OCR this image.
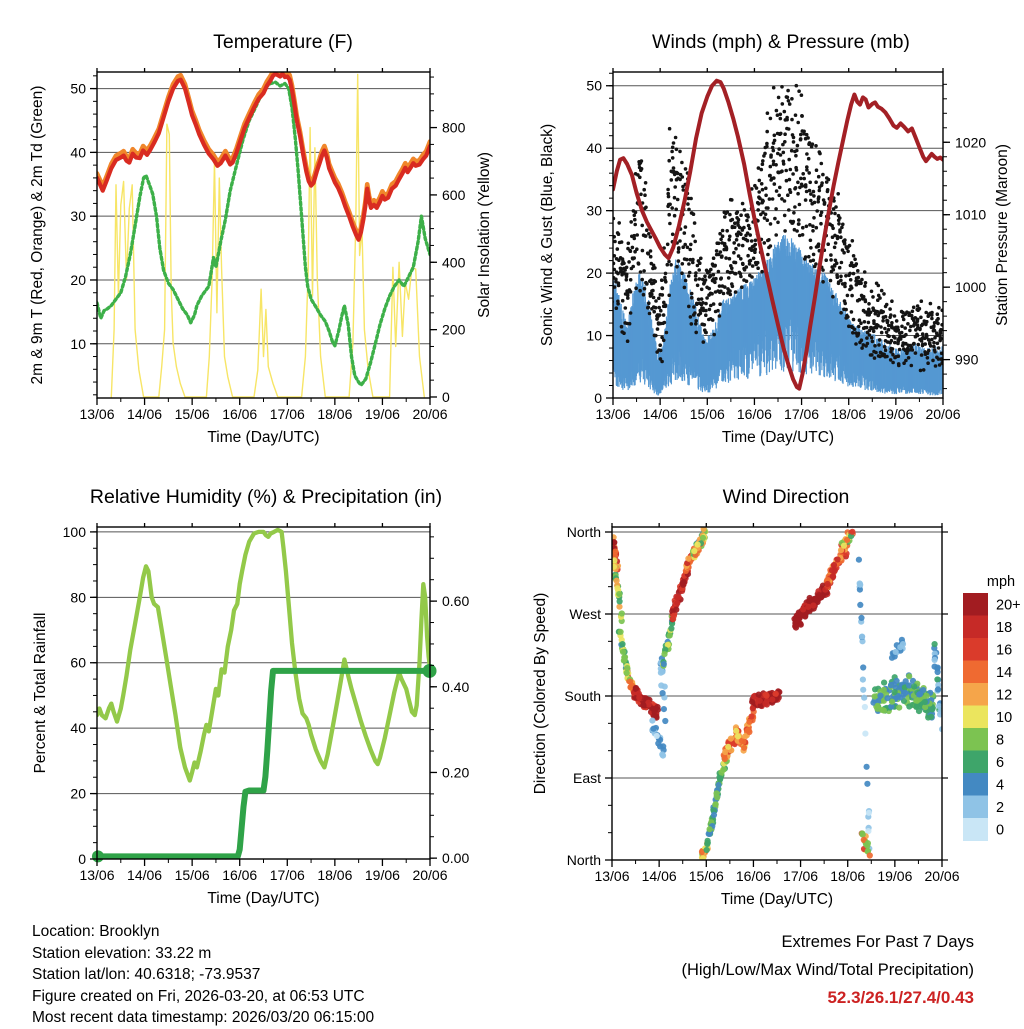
13/06 14/06 15/06 16/06 17/06 18/06 19/06 20/06
10
20
30
40
50
0
200
400
600
800
Temperature (F)
Time (Day/UTC)
2m & 9m T (Red, Orange) & 2m Td (Green)	Solar Insolation (Yellow)
13/06 14/06 15/06 16/06 17/06 18/06 19/06 20/06
0
10
20
30
40
50
990
1000
1010
1020
Winds (mph) & Pressure (mb)
Time (Day/UTC)
Sonic Wind & Gust (Blue, Black)	Station Pressure (Maroon)
13/06 14/06 15/06 16/06 17/06 18/06 19/06 20/06
0
20
40
60
80
100
0.00
0.20
0.40
0.60
Relative Humidity (%) & Precipitation (in)
Time (Day/UTC)
Percent & Total Rainfall
13/06 14/06 15/06 16/06 17/06 18/06 19/06 20/06
North
West
South
East
North
Wind Direction
Time (Day/UTC)
Direction (Colored By Speed)
mph
20+
18
16
14
12
10
8
6
4
2
0
Location: Brooklyn
Station elevation: 33.22 m
Station lat/lon: 40.6318; -73.9537
Figure created on Fri, 2026-03-20, at 06:53 UTC
Most recent data timestamp: 2026/03/20 06:15:00
Extremes For Past 7 Days
(High/Low/Max Wind/Total Precipitation)
52.3/26.1/27.4/0.43
